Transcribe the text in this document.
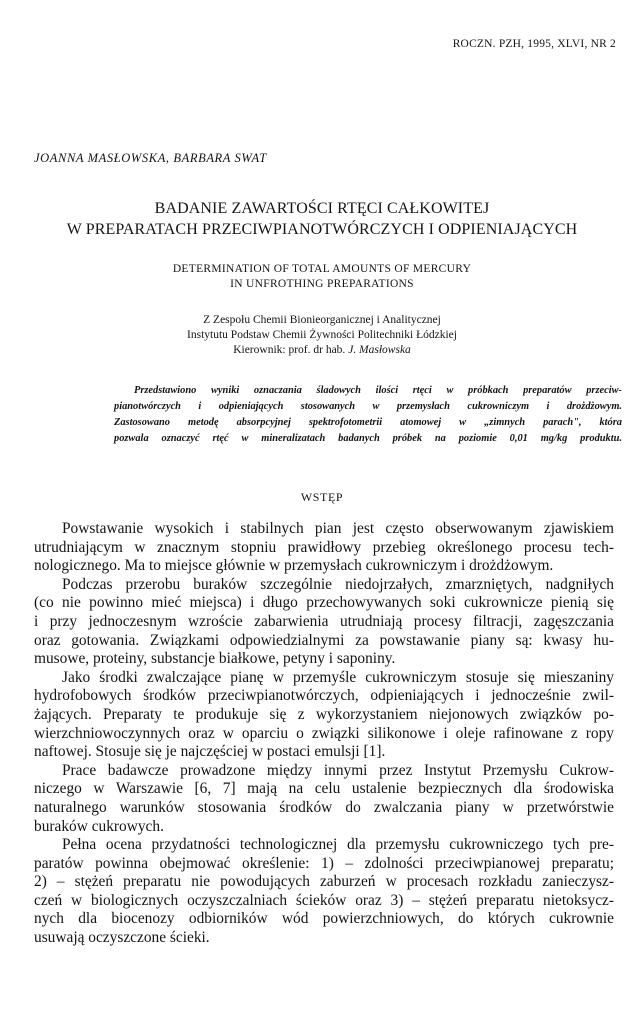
ROCZN. PZH, 1995, XLVI, NR 2
JOANNA MASŁOWSKA, BARBARA SWAT
BADANIE ZAWARTOŚCI RTĘCI CAŁKOWITEJ
W PREPARATACH PRZECIWPIANOTWÓRCZYCH I ODPIENIAJĄCYCH
DETERMINATION OF TOTAL AMOUNTS OF MERCURY
IN UNFROTHING PREPARATIONS
Z Zespołu Chemii Bionieorganicznej i Analitycznej
Instytutu Podstaw Chemii Żywności Politechniki Łódzkiej
Kierownik: prof. dr hab. J. Masłowska
Przedstawiono wyniki oznaczania śladowych ilości rtęci w próbkach preparatów przeciw-
pianotwórczych i odpieniających stosowanych w przemysłach cukrowniczym i drożdżowym.
Zastosowano metodę absorpcyjnej spektrofotometrii atomowej w „zimnych parach", która
pozwala oznaczyć rtęć w mineralizatach badanych próbek na poziomie 0,01 mg/kg produktu.
WSTĘP
Powstawanie wysokich i stabilnych pian jest często obserwowanym zjawiskiem
utrudniającym w znacznym stopniu prawidłowy przebieg określonego procesu tech-
nologicznego. Ma to miejsce głównie w przemysłach cukrowniczym i drożdżowym.
Podczas przerobu buraków szczególnie niedojrzałych, zmarzniętych, nadgniłych
(co nie powinno mieć miejsca) i długo przechowywanych soki cukrownicze pienią się
i przy jednoczesnym wzroście zabarwienia utrudniają procesy filtracji, zagęszczania
oraz gotowania. Związkami odpowiedzialnymi za powstawanie piany są: kwasy hu-
musowe, proteiny, substancje białkowe, petyny i saponiny.
Jako środki zwalczające pianę w przemyśle cukrowniczym stosuje się mieszaniny
hydrofobowych środków przeciwpianotwórczych, odpieniających i jednocześnie zwil-
żających. Preparaty te produkuje się z wykorzystaniem niejonowych związków po-
wierzchniowoczynnych oraz w oparciu o związki silikonowe i oleje rafinowane z ropy
naftowej. Stosuje się je najczęściej w postaci emulsji [1].
Prace badawcze prowadzone między innymi przez Instytut Przemysłu Cukrow-
niczego w Warszawie [6, 7] mają na celu ustalenie bezpiecznych dla środowiska
naturalnego warunków stosowania środków do zwalczania piany w przetwórstwie
buraków cukrowych.
Pełna ocena przydatności technologicznej dla przemysłu cukrowniczego tych pre-
paratów powinna obejmować określenie: 1) – zdolności przeciwpianowej preparatu;
2) – stężeń preparatu nie powodujących zaburzeń w procesach rozkładu zanieczysz-
czeń w biologicznych oczyszczalniach ścieków oraz 3) – stężeń preparatu nietoksycz-
nych dla biocenozy odbiorników wód powierzchniowych, do których cukrownie
usuwają oczyszczone ścieki.
